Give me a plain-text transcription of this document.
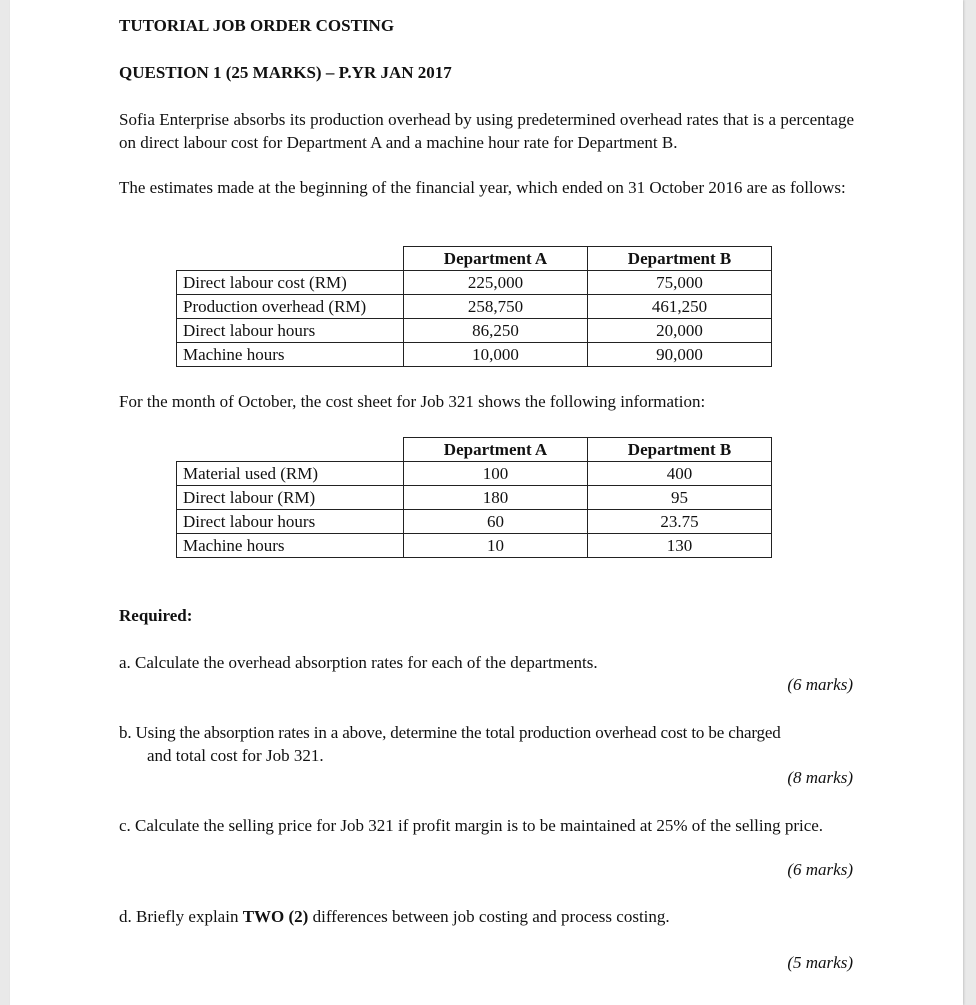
TUTORIAL JOB ORDER COSTING
QUESTION 1 (25 MARKS) – P.YR JAN 2017
Sofia Enterprise absorbs its production overhead by using predetermined overhead rates that is a percentage on direct labour cost for Department A and a machine hour rate for Department B.
The estimates made at the beginning of the financial year, which ended on 31 October 2016 are as follows:
	Department A	Department B
Direct labour cost (RM)	225,000	75,000
Production overhead (RM)	258,750	461,250
Direct labour hours	86,250	20,000
Machine hours	10,000	90,000
For the month of October, the cost sheet for Job 321 shows the following information:
	Department A	Department B
Material used (RM)	100	400
Direct labour (RM)	180	95
Direct labour hours	60	23.75
Machine hours	10	130
Required:
a. Calculate the overhead absorption rates for each of the departments.
(6 marks)
b. Using the absorption rates in a above, determine the total production overhead cost to be charged
and total cost for Job 321.
(8 marks)
c. Calculate the selling price for Job 321 if profit margin is to be maintained at 25% of the selling price.
(6 marks)
d. Briefly explain TWO (2) differences between job costing and process costing.
(5 marks)
